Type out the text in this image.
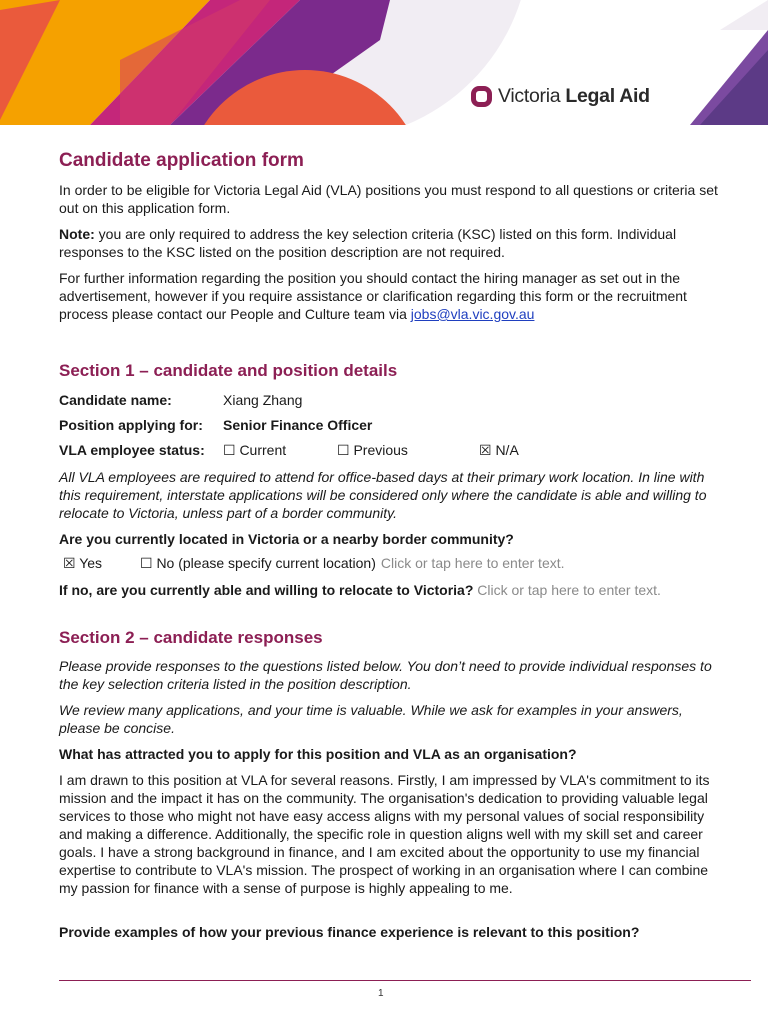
Victoria Legal Aid
Candidate application form

In order to be eligible for Victoria Legal Aid (VLA) positions you must respond to all questions or criteria set out on this application form.

Note: you are only required to address the key selection criteria (KSC) listed on this form. Individual responses to the KSC listed on the position description are not required.

For further information regarding the position you should contact the hiring manager as set out in the advertisement, however if you require assistance or clarification regarding this form or the recruitment process please contact our People and Culture team via jobs@vla.vic.gov.au

Section 1 – candidate and position details
Candidate name:	Xiang Zhang
Position applying for:	Senior Finance Officer
VLA employee status:	☐ Current	☐ Previous	☒ N/A

All VLA employees are required to attend for office-based days at their primary work location. In line with this requirement, interstate applications will be considered only where the candidate is able and willing to relocate to Victoria, unless part of a border community.

Are you currently located in Victoria or a nearby border community?

☒ Yes	☐ No (please specify current location) Click or tap here to enter text.

If no, are you currently able and willing to relocate to Victoria? Click or tap here to enter text.

Section 2 – candidate responses

Please provide responses to the questions listed below. You don’t need to provide individual responses to the key selection criteria listed in the position description.

We review many applications, and your time is valuable. While we ask for examples in your answers, please be concise.

What has attracted you to apply for this position and VLA as an organisation?

I am drawn to this position at VLA for several reasons. Firstly, I am impressed by VLA's commitment to its mission and the impact it has on the community. The organisation's dedication to providing valuable legal services to those who might not have easy access aligns with my personal values of social responsibility and making a difference. Additionally, the specific role in question aligns well with my skill set and career goals. I have a strong background in finance, and I am excited about the opportunity to use my financial expertise to contribute to VLA's mission. The prospect of working in an organisation where I can combine my passion for finance with a sense of purpose is highly appealing to me.

Provide examples of how your previous finance experience is relevant to this position?

1
